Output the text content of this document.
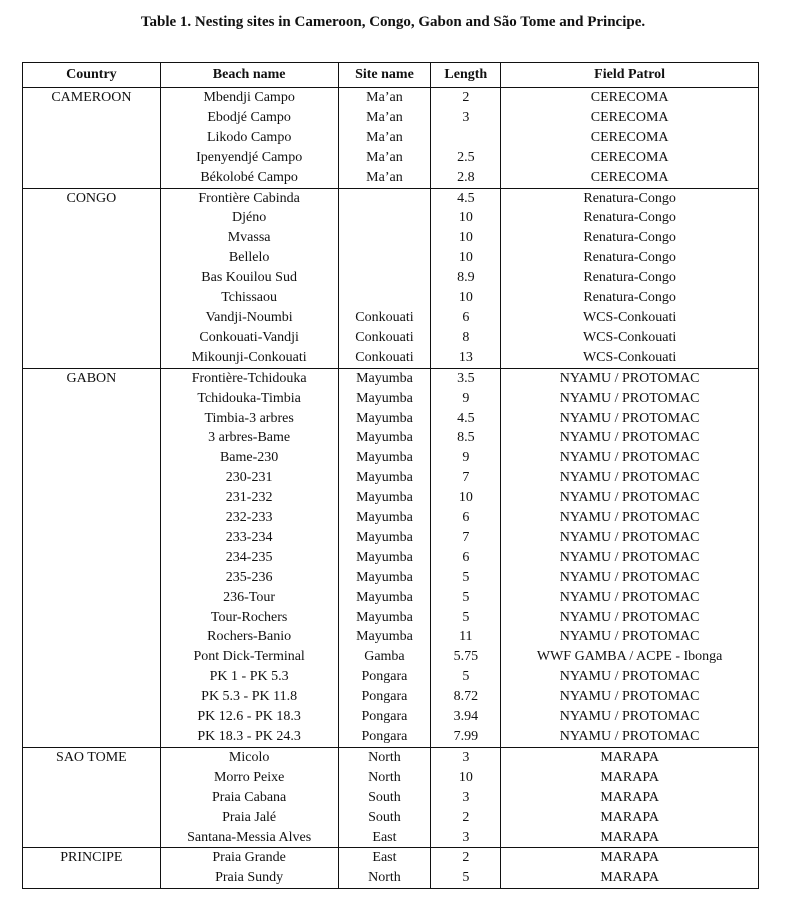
Table 1. Nesting sites in Cameroon, Congo, Gabon and São Tome and Principe.
Country	Beach name	Site name	Length	Field Patrol
CAMEROON	Mbendji Campo	Ma’an	2	CERECOMA
	Ebodjé Campo	Ma’an	3	CERECOMA
	Likodo Campo	Ma’an		CERECOMA
	Ipenyendjé Campo	Ma’an	2.5	CERECOMA
	Békolobé Campo	Ma’an	2.8	CERECOMA
CONGO	Frontière Cabinda		4.5	Renatura-Congo
	Djéno		10	Renatura-Congo
	Mvassa		10	Renatura-Congo
	Bellelo		10	Renatura-Congo
	Bas Kouilou Sud		8.9	Renatura-Congo
	Tchissaou		10	Renatura-Congo
	Vandji-Noumbi	Conkouati	6	WCS-Conkouati
	Conkouati-Vandji	Conkouati	8	WCS-Conkouati
	Mikounji-Conkouati	Conkouati	13	WCS-Conkouati
GABON	Frontière-Tchidouka	Mayumba	3.5	NYAMU / PROTOMAC
	Tchidouka-Timbia	Mayumba	9	NYAMU / PROTOMAC
	Timbia-3 arbres	Mayumba	4.5	NYAMU / PROTOMAC
	3 arbres-Bame	Mayumba	8.5	NYAMU / PROTOMAC
	Bame-230	Mayumba	9	NYAMU / PROTOMAC
	230-231	Mayumba	7	NYAMU / PROTOMAC
	231-232	Mayumba	10	NYAMU / PROTOMAC
	232-233	Mayumba	6	NYAMU / PROTOMAC
	233-234	Mayumba	7	NYAMU / PROTOMAC
	234-235	Mayumba	6	NYAMU / PROTOMAC
	235-236	Mayumba	5	NYAMU / PROTOMAC
	236-Tour	Mayumba	5	NYAMU / PROTOMAC
	Tour-Rochers	Mayumba	5	NYAMU / PROTOMAC
	Rochers-Banio	Mayumba	11	NYAMU / PROTOMAC
	Pont Dick-Terminal	Gamba	5.75	WWF GAMBA / ACPE - Ibonga
	PK 1 - PK 5.3	Pongara	5	NYAMU / PROTOMAC
	PK 5.3 - PK 11.8	Pongara	8.72	NYAMU / PROTOMAC
	PK 12.6 - PK 18.3	Pongara	3.94	NYAMU / PROTOMAC
	PK 18.3 - PK 24.3	Pongara	7.99	NYAMU / PROTOMAC
SAO TOME	Micolo	North	3	MARAPA
	Morro Peixe	North	10	MARAPA
	Praia Cabana	South	3	MARAPA
	Praia Jalé	South	2	MARAPA
	Santana-Messia Alves	East	3	MARAPA
PRINCIPE	Praia Grande	East	2	MARAPA
	Praia Sundy	North	5	MARAPA
